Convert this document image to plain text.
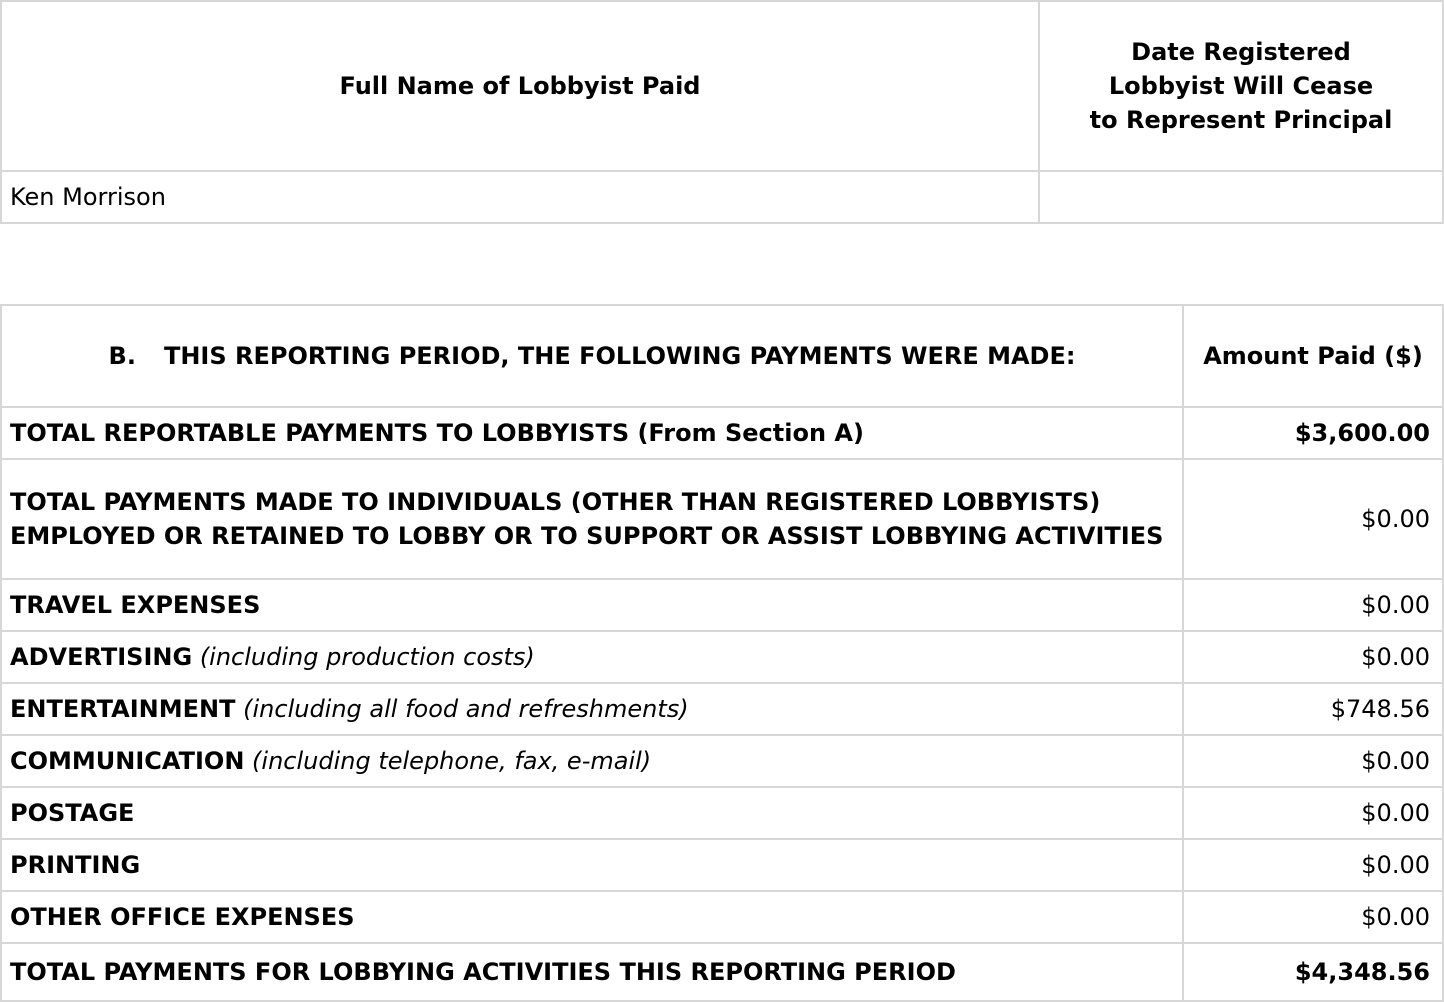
Full Name of Lobbyist Paid	Date Registered
Lobbyist Will Cease
to Represent Principal

Ken Morrison	
B. THIS REPORTING PERIOD, THE FOLLOWING PAYMENTS WERE MADE:	Amount Paid ($)
TOTAL REPORTABLE PAYMENTS TO LOBBYISTS (From Section A)	$3,600.00
TOTAL PAYMENTS MADE TO INDIVIDUALS (OTHER THAN REGISTERED LOBBYISTS) EMPLOYED OR RETAINED TO LOBBY OR TO SUPPORT OR ASSIST LOBBYING ACTIVITIES	$0.00
TRAVEL EXPENSES	$0.00
ADVERTISING (including production costs)	$0.00
ENTERTAINMENT (including all food and refreshments)	$748.56
COMMUNICATION (including telephone, fax, e-mail)	$0.00
POSTAGE	$0.00
PRINTING	$0.00
OTHER OFFICE EXPENSES	$0.00
TOTAL PAYMENTS FOR LOBBYING ACTIVITIES THIS REPORTING PERIOD	$4,348.56
